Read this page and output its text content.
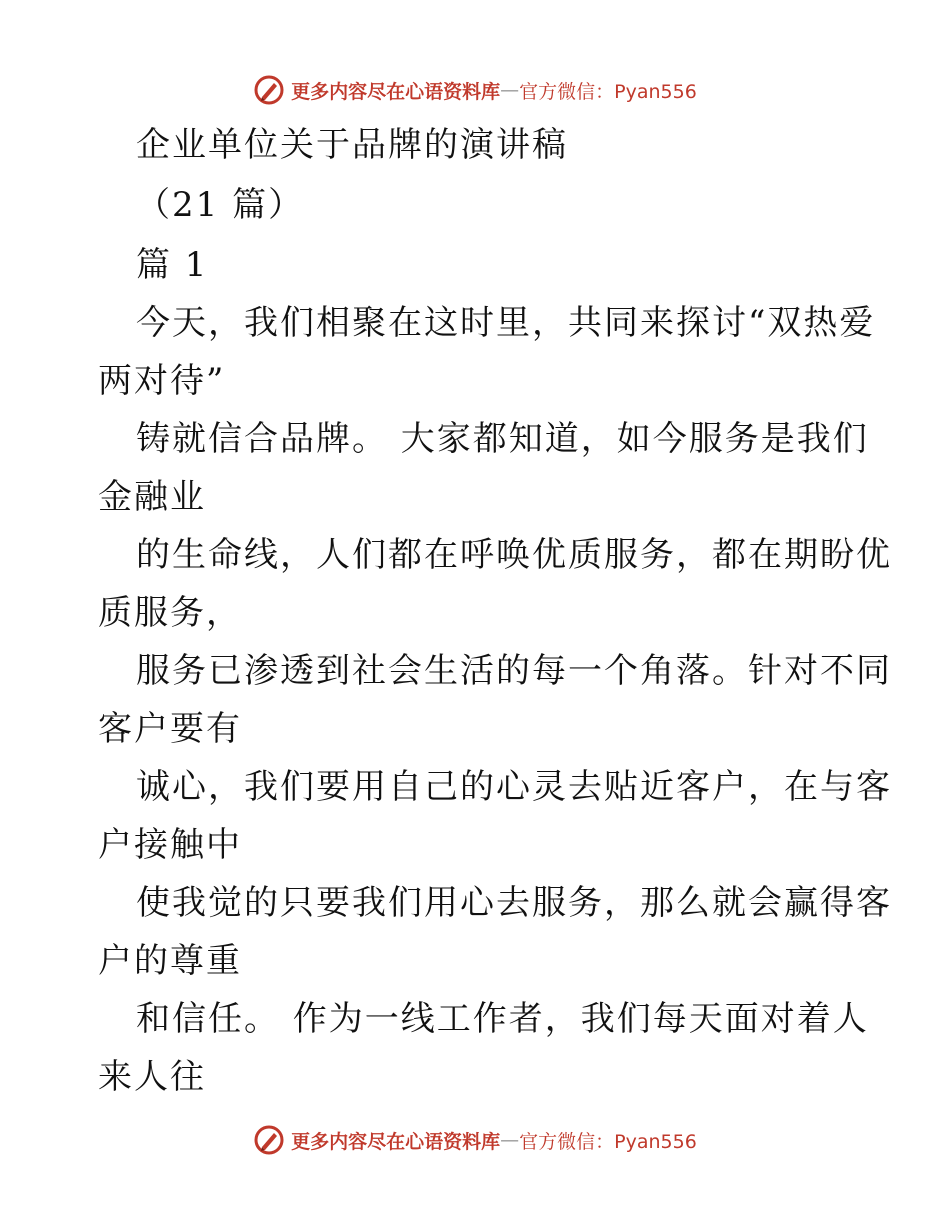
更多内容尽在心语资料库 — 官方微信：Pyan556
企业单位关于品牌的演讲稿
（21 篇）
篇 1
今天，我们相聚在这时里，共同来探讨“双热爱
两对待”
铸就信合品牌。 大家都知道，如今服务是我们
金融业
的生命线，人们都在呼唤优质服务，都在期盼优
质服务，
服务已渗透到社会生活的每一个角落。针对不同
客户要有
诚心，我们要用自己的心灵去贴近客户，在与客
户接触中
使我觉的只要我们用心去服务，那么就会赢得客
户的尊重
和信任。 作为一线工作者，我们每天面对着人
来人往
更多内容尽在心语资料库 — 官方微信：Pyan556
